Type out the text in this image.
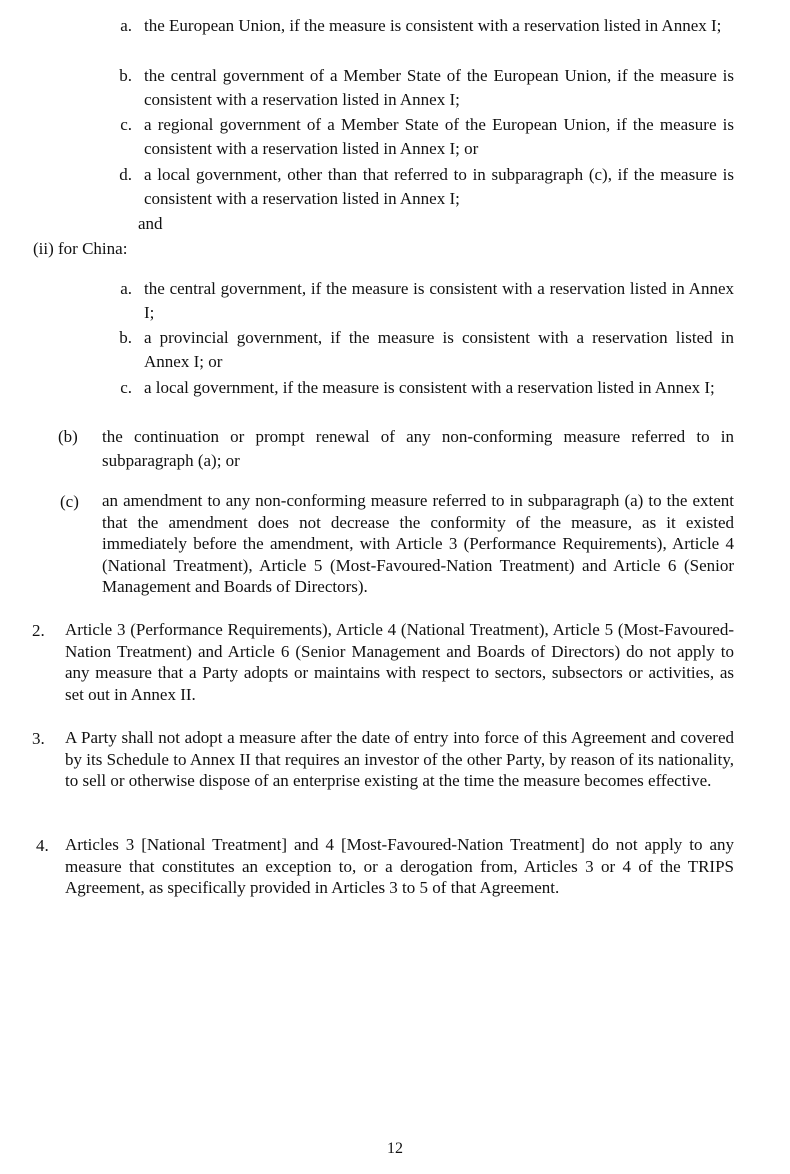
a. the European Union, if the measure is consistent with a reservation listed in Annex I;
b. the central government of a Member State of the European Union, if the measure is consistent with a reservation listed in Annex I;
c. a regional government of a Member State of the European Union, if the measure is consistent with a reservation listed in Annex I; or
d. a local government, other than that referred to in subparagraph (c), if the measure is consistent with a reservation listed in Annex I;
and
(ii) for China:
a. the central government, if the measure is consistent with a reservation listed in Annex I;
b. a provincial government, if the measure is consistent with a reservation listed in Annex I; or
c. a local government, if the measure is consistent with a reservation listed in Annex I;
(b)	the continuation or prompt renewal of any non-conforming measure referred to in subparagraph (a); or
(c)	an amendment to any non-conforming measure referred to in subparagraph (a) to the extent that the amendment does not decrease the conformity of the measure, as it existed immediately before the amendment, with Article 3 (Performance Requirements), Article 4 (National Treatment), Article 5 (Most-Favoured-Nation Treatment) and Article 6 (Senior Management and Boards of Directors).
2.	Article 3 (Performance Requirements), Article 4 (National Treatment), Article 5 (Most-Favoured-Nation Treatment) and Article 6 (Senior Management and Boards of Directors) do not apply to any measure that a Party adopts or maintains with respect to sectors, subsectors or activities, as set out in Annex II.
3.	A Party shall not adopt a measure after the date of entry into force of this Agreement and covered by its Schedule to Annex II that requires an investor of the other Party, by reason of its nationality, to sell or otherwise dispose of an enterprise existing at the time the measure becomes effective.
4. Articles 3 [National Treatment] and 4 [Most-Favoured-Nation Treatment] do not apply to any measure that constitutes an exception to, or a derogation from, Articles 3 or 4 of the TRIPS Agreement, as specifically provided in Articles 3 to 5 of that Agreement.
12
